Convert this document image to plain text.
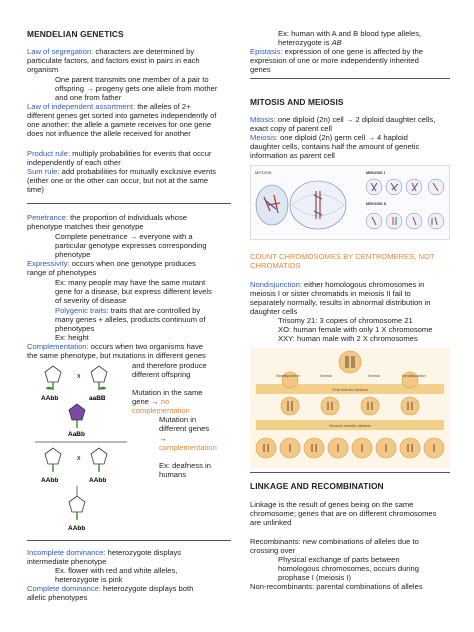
MENDELIAN GENETICS
Law of segregation: characters are determined by
particulate factors, and factors exist in pairs in each
organism
One parent transmits one member of a pair to
offspring → progeny gets one allele from mother
and one from father
Law of independent assortment: the alleles of 2+
different genes get sorted into gametes independently of
one another: the allele a gamete receives for one gene
does not influence the allele received for another
Product rule: multiply probabilities for events that occur
independently of each other
Sum rule: add probabilities for mutually exclusive events
(either one or the other can occur, but not at the same
time)
Penetrance: the proportion of individuals whose
phenotype matches their genotype
Complete penetrance → everyone with a
particular genotype expresses corresponding
phenotype
Expressivity: occurs when one genotype produces
range of phenotypes
Ex: many people may have the same mutant
gene for a disease, but express different levels
of severity of disease
Polygenic traits: traits that are controlled by
many genes + alleles, products continuum of
phenotypes
Ex: height
Complementation: occurs when two organisms have
the same phenotype, but mutations in different genes
and therefore produce
different offspring
Mutation in the same
gene → no
complementation
Mutation in
different genes
→
complementation
Ex: deafness in
humans
x
AAbb	aaBB
AaBb
x
AAbb	AAbb
AAbb
Incomplete dominance: heterozygote displays
intermediate phenotype
Ex. flower with red and white alleles,
heterozygote is pink
Complete dominance: heterozygote displays both
allelic phenotypes
Ex: human with A and B blood type alleles,
heterozygote is AB
Epistasis: expression of one gene is affected by the
expression of one or more independently inherited
genes
MITOSIS AND MEIOSIS
Mitosis: one diploid (2n) cell → 2 diploid daughter cells,
exact copy of parent cell
Meiosis: one diploid (2n) germ cell → 4 haploid
daughter cells, contains half the amount of genetic
information as parent cell
MITOSIS	MEIOSIS I
MEIOSIS II
COUNT CHROMOSOMES BY CENTROMERES, NOT
CHROMATIDS
Nondisjunction: either homologous chromosomes in
meiosis I or sister chromatids in meiosis II fail to
separately normally, results in abnormal distribution in
daughter cells
Trisomy 21: 3 copies of chromosome 21
XO: human female with only 1 X chromosome
XXY: human male with 2 X chromosomes
First meiotic division
Nondisjunction	Normal	Normal	Nondisjunction
Second meiotic division
LINKAGE AND RECOMBINATION
Linkage is the result of genes being on the same
chromosome; genes that are on different chromosomes
are unlinked
Recombinants: new combinations of alleles due to
crossing over
Physical exchange of parts between
homologous chromosomes, occurs during
prophase I (meiosis I)
Non-recombinants: parental combinations of alleles
